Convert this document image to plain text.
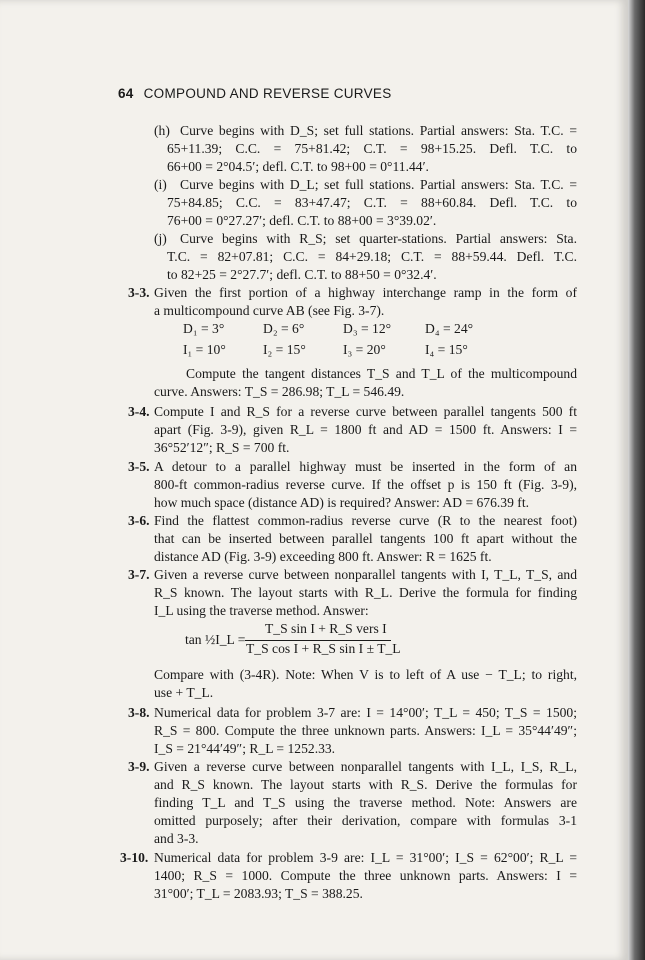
64 COMPOUND AND REVERSE CURVES
(h) Curve begins with D_S; set full stations. Partial answers: Sta. T.C. =
65+11.39; C.C. = 75+81.42; C.T. = 98+15.25. Defl. T.C. to
66+00 = 2°04.5′; defl. C.T. to 98+00 = 0°11.44′.
(i) Curve begins with D_L; set full stations. Partial answers: Sta. T.C. =
75+84.85; C.C. = 83+47.47; C.T. = 88+60.84. Defl. T.C. to
76+00 = 0°27.27′; defl. C.T. to 88+00 = 3°39.02′.
(j) Curve begins with R_S; set quarter-stations. Partial answers: Sta.
T.C. = 82+07.81; C.C. = 84+29.18; C.T. = 88+59.44. Defl. T.C.
to 82+25 = 2°27.7′; defl. C.T. to 88+50 = 0°32.4′.
3-3. Given the first portion of a highway interchange ramp in the form of
a multicompound curve AB (see Fig. 3-7).
D₁ = 3°	D₂ = 6°	D₃ = 12° D₄ = 24°
I₁ = 10°	I₂ = 15°	I₃ = 20°	I₄ = 15°
Compute the tangent distances T_S and T_L of the multicompound
curve. Answers: T_S = 286.98; T_L = 546.49.
3-4. Compute I and R_S for a reverse curve between parallel tangents 500 ft
apart (Fig. 3-9), given R_L = 1800 ft and AD = 1500 ft. Answers: I =
36°52′12″; R_S = 700 ft.
3-5. A detour to a parallel highway must be inserted in the form of an
800-ft common-radius reverse curve. If the offset p is 150 ft (Fig. 3-9),
how much space (distance AD) is required? Answer: AD = 676.39 ft.
3-6. Find the flattest common-radius reverse curve (R to the nearest foot)
that can be inserted between parallel tangents 100 ft apart without the
distance AD (Fig. 3-9) exceeding 800 ft. Answer: R = 1625 ft.
3-7. Given a reverse curve between nonparallel tangents with I, T_L, T_S, and
R_S known. The layout starts with R_L. Derive the formula for finding
I_L using the traverse method. Answer:
tan ½I_L =
T_S sin I + R_S vers I
T_S cos I + R_S sin I ± T_L
Compare with (3-4R). Note: When V is to left of A use − T_L; to right,
use + T_L.
3-8. Numerical data for problem 3-7 are: I = 14°00′; T_L = 450; T_S = 1500;
R_S = 800. Compute the three unknown parts. Answers: I_L = 35°44′49″;
I_S = 21°44′49″; R_L = 1252.33.
3-9. Given a reverse curve between nonparallel tangents with I_L, I_S, R_L,
and R_S known. The layout starts with R_S. Derive the formulas for
finding T_L and T_S using the traverse method. Note: Answers are
omitted purposely; after their derivation, compare with formulas 3-1
and 3-3.
3-10. Numerical data for problem 3-9 are: I_L = 31°00′; I_S = 62°00′; R_L =
1400; R_S = 1000. Compute the three unknown parts. Answers: I =
31°00′; T_L = 2083.93; T_S = 388.25.
